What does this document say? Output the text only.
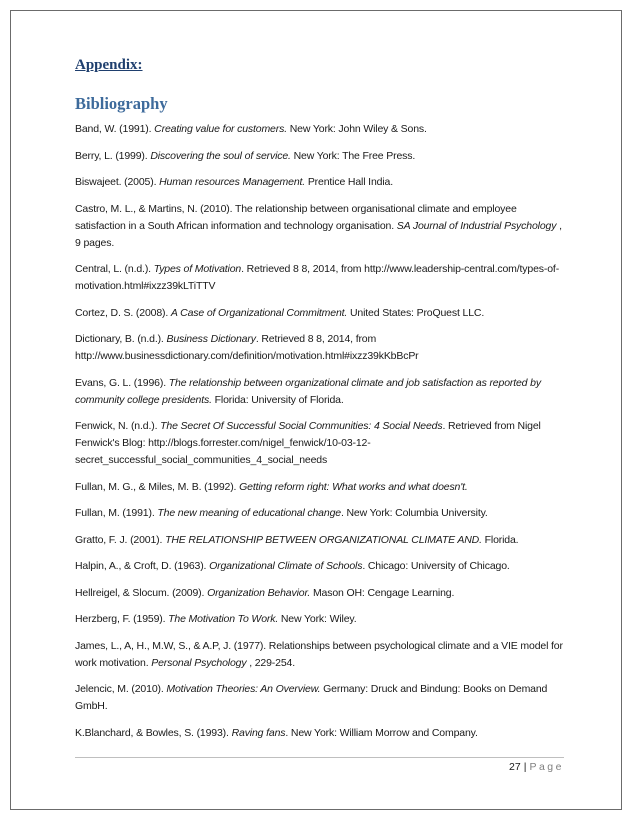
Appendix:
Bibliography
Band, W. (1991). Creating value for customers. New York: John Wiley & Sons.
Berry, L. (1999). Discovering the soul of service. New York: The Free Press.
Biswajeet. (2005). Human resources Management. Prentice Hall India.
Castro, M. L., & Martins, N. (2010). The relationship between organisational climate and employee satisfaction in a South African information and technology organisation. SA Journal of Industrial Psychology , 9 pages.
Central, L. (n.d.). Types of Motivation. Retrieved 8 8, 2014, from http://www.leadership-central.com/types-of-motivation.html#ixzz39kLTiTTV
Cortez, D. S. (2008). A Case of Organizational Commitment. United States: ProQuest LLC.
Dictionary, B. (n.d.). Business Dictionary. Retrieved 8 8, 2014, from http://www.businessdictionary.com/definition/motivation.html#ixzz39kKbBcPr
Evans, G. L. (1996). The relationship between organizational climate and job satisfaction as reported by community college presidents. Florida: University of Florida.
Fenwick, N. (n.d.). The Secret Of Successful Social Communities: 4 Social Needs. Retrieved from Nigel Fenwick's Blog: http://blogs.forrester.com/nigel_fenwick/10-03-12-secret_successful_social_communities_4_social_needs
Fullan, M. G., & Miles, M. B. (1992). Getting reform right: What works and what doesn't.
Fullan, M. (1991). The new meaning of educational change. New York: Columbia University.
Gratto, F. J. (2001). THE RELATIONSHIP BETWEEN ORGANIZATIONAL CLIMATE AND. Florida.
Halpin, A., & Croft, D. (1963). Organizational Climate of Schools. Chicago: University of Chicago.
Hellreigel, & Slocum. (2009). Organization Behavior. Mason OH: Cengage Learning.
Herzberg, F. (1959). The Motivation To Work. New York: Wiley.
James, L., A, H., M.W, S., & A.P, J. (1977). Relationships between psychological climate and a VIE model for work motivation. Personal Psychology , 229-254.
Jelencic, M. (2010). Motivation Theories: An Overview. Germany: Druck and Bindung: Books on Demand GmbH.
K.Blanchard, & Bowles, S. (1993). Raving fans. New York: William Morrow and Company.
27 | Page
